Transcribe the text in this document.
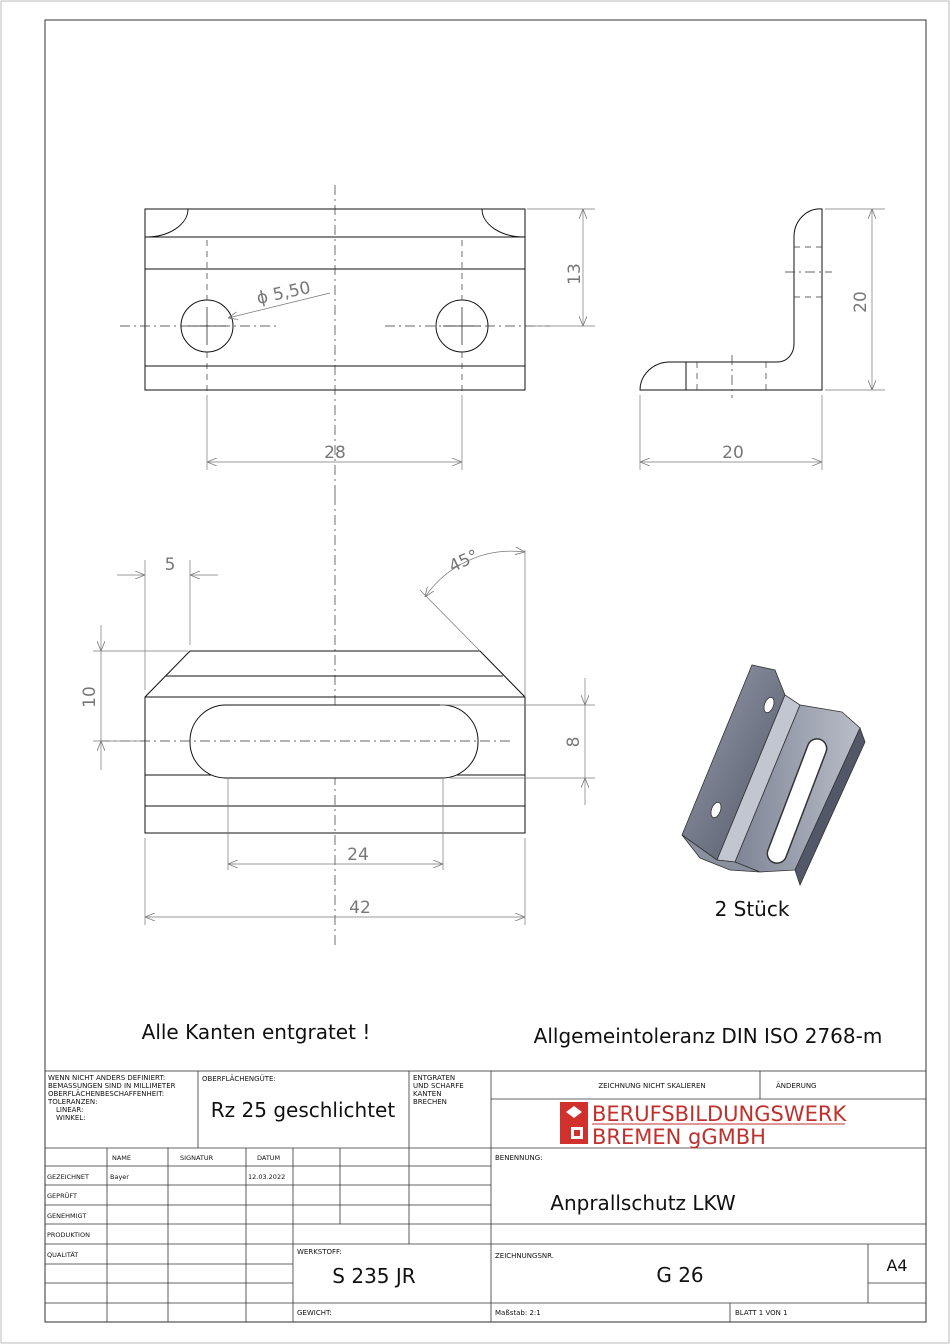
ϕ 5,50
13
28
20
20
5	45°
10
8
24
42	2 Stück
Alle Kanten entgratet !	Allgemeintoleranz DIN ISO 2768-m
WENN NICHT ANDERS DEFINIERT:
BEMASSUNGEN SIND IN MILLIMETER
OBERFLÄCHENBESCHAFFENHEIT:
TOLERANZEN:
LINEAR:
WINKEL:
OBERFLÄCHENGÜTE:
Rz 25 geschlichtet
ENTGRATEN
UND SCHARFE
KANTEN
BRECHEN
ZEICHNUNG NICHT SKALIEREN	ÄNDERUNG
BERUFSBILDUNGSWERK
BREMEN gGMBH
NAME	SIGNATUR	DATUM
GEZEICHNET	Bayer	12.03.2022
GEPRÜFT
GENEHMIGT
PRODUKTION
QUALITÄT
BENENNUNG:
Anprallschutz LKW
WERKSTOFF:
S 235 JR
ZEICHNUNGSNR.
G 26	A4
GEWICHT:	Maßstab: 2:1	BLATT 1 VON 1
